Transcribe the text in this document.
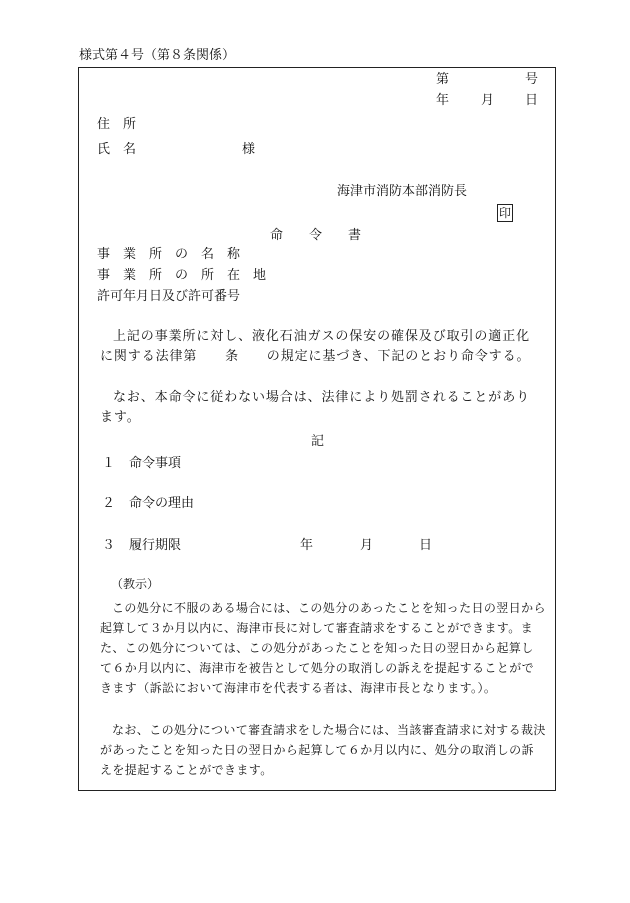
様式第４号（第８条関係）
第	号
年 月 日
住　所
氏　名	様
海津市消防本部消防長
印
命　　令　　書
事　業　所　の　名　称
事　業　所　の　所　在　地
許可年月日及び許可番号

上記の事業所に対し、液化石油ガスの保安の確保及び取引の適正化に関する法律第　　条　　の規定に基づき、下記のとおり命令する。

なお、本命令に従わない場合は、法律により処罰されることがあります。

記
１ 命令事項
２ 命令の理由
３ 履行期限	年	月	日
（教示）

この処分に不服のある場合には、この処分のあったことを知った日の翌日から起算して３か月以内に、海津市長に対して審査請求をすることができます。また、この処分については、この処分があったことを知った日の翌日から起算して６か月以内に、海津市を被告として処分の取消しの訴えを提起することができます（訴訟において海津市を代表する者は、海津市長となります。）。

なお、この処分について審査請求をした場合には、当該審査請求に対する裁決があったことを知った日の翌日から起算して６か月以内に、処分の取消しの訴えを提起することができます。
